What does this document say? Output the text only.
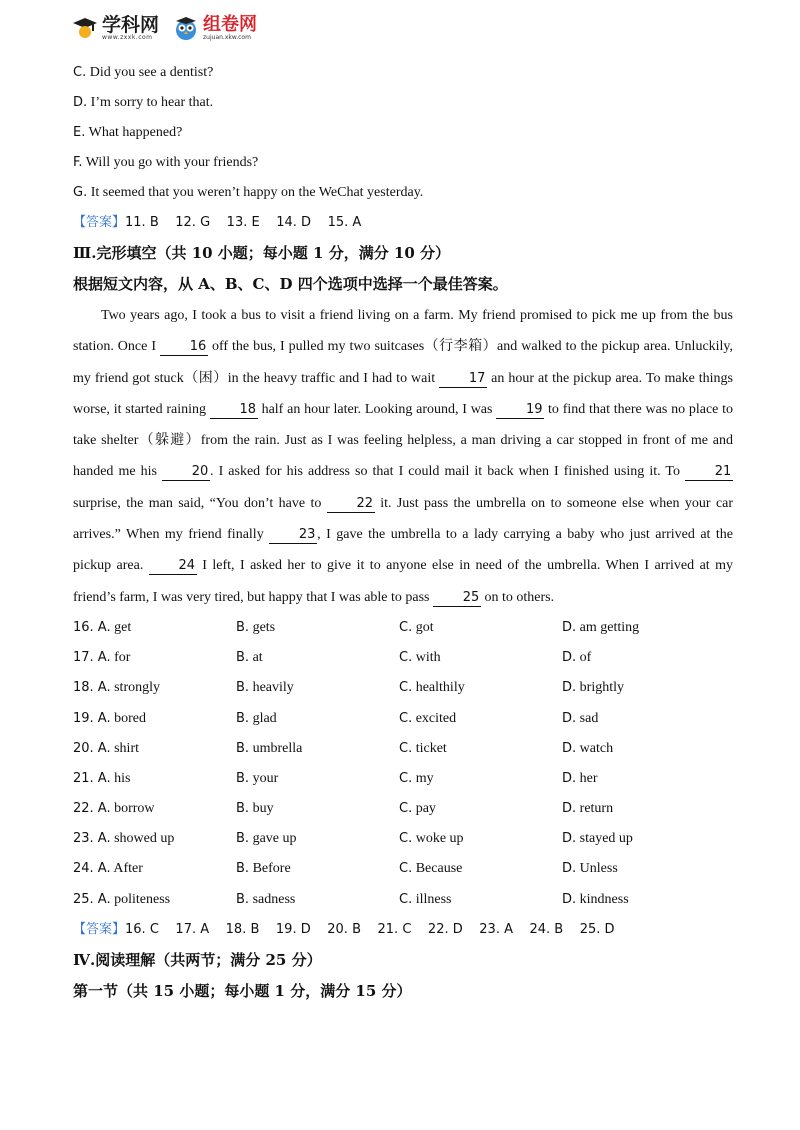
学科网
www.zxxk.com
组卷网
zujuan.xkw.com
C. Did you see a dentist?
D. I’m sorry to hear that.
E. What happened?
F. Will you go with your friends?
G. It seemed that you weren’t happy on the WeChat yesterday.
【答案】11. B    12. G    13. E    14. D    15. A
Ⅲ.完形填空（共 10 小题；每小题 1 分，满分 10 分）
根据短文内容，从 A、B、C、D 四个选项中选择一个最佳答案。

Two years ago, I took a bus to visit a friend living on a farm. My friend promised to pick me up from the bus station. Once I	16 off the bus, I pulled my two suitcases（行李箱）and walked to the pickup area. Unluckily, my friend got stuck（困）in the heavy traffic and I had to wait	17 an hour at the pickup area. To make things worse, it started raining	18 half an hour later. Looking around, I was	19 to find that there was no place to take shelter（躲避）from the rain. Just as I was feeling helpless, a man driving a car stopped in front of me and handed me his	20 . I asked for his address so that I could mail it back when I finished using it. To	21 surprise, the man said, “You don’t have to	22 it. Just pass the umbrella on to someone else when your car arrives.” When my friend finally	23 , I gave the umbrella to a lady carrying a baby who just arrived at the pickup area.	24 I left, I asked her to give it to anyone else in need of the umbrella. When I arrived at my friend’s farm, I was very tired, but happy that I was able to pass	25 on to others.

16. A. get	B. gets	C. got	D. am getting
17. A. for	B. at	C. with	D. of
18. A. strongly	B. heavily	C. healthily	D. brightly
19. A. bored	B. glad	C. excited	D. sad
20. A. shirt	B. umbrella	C. ticket	D. watch
21. A. his	B. your	C. my	D. her
22. A. borrow	B. buy	C. pay	D. return
23. A. showed up	B. gave up	C. woke up	D. stayed up
24. A. After	B. Before	C. Because	D. Unless
25. A. politeness	B. sadness	C. illness	D. kindness
【答案】16. C    17. A    18. B    19. D    20. B    21. C    22. D    23. A    24. B    25. D
Ⅳ.阅读理解（共两节；满分 25 分）
第一节（共 15 小题；每小题 1 分，满分 15 分）
